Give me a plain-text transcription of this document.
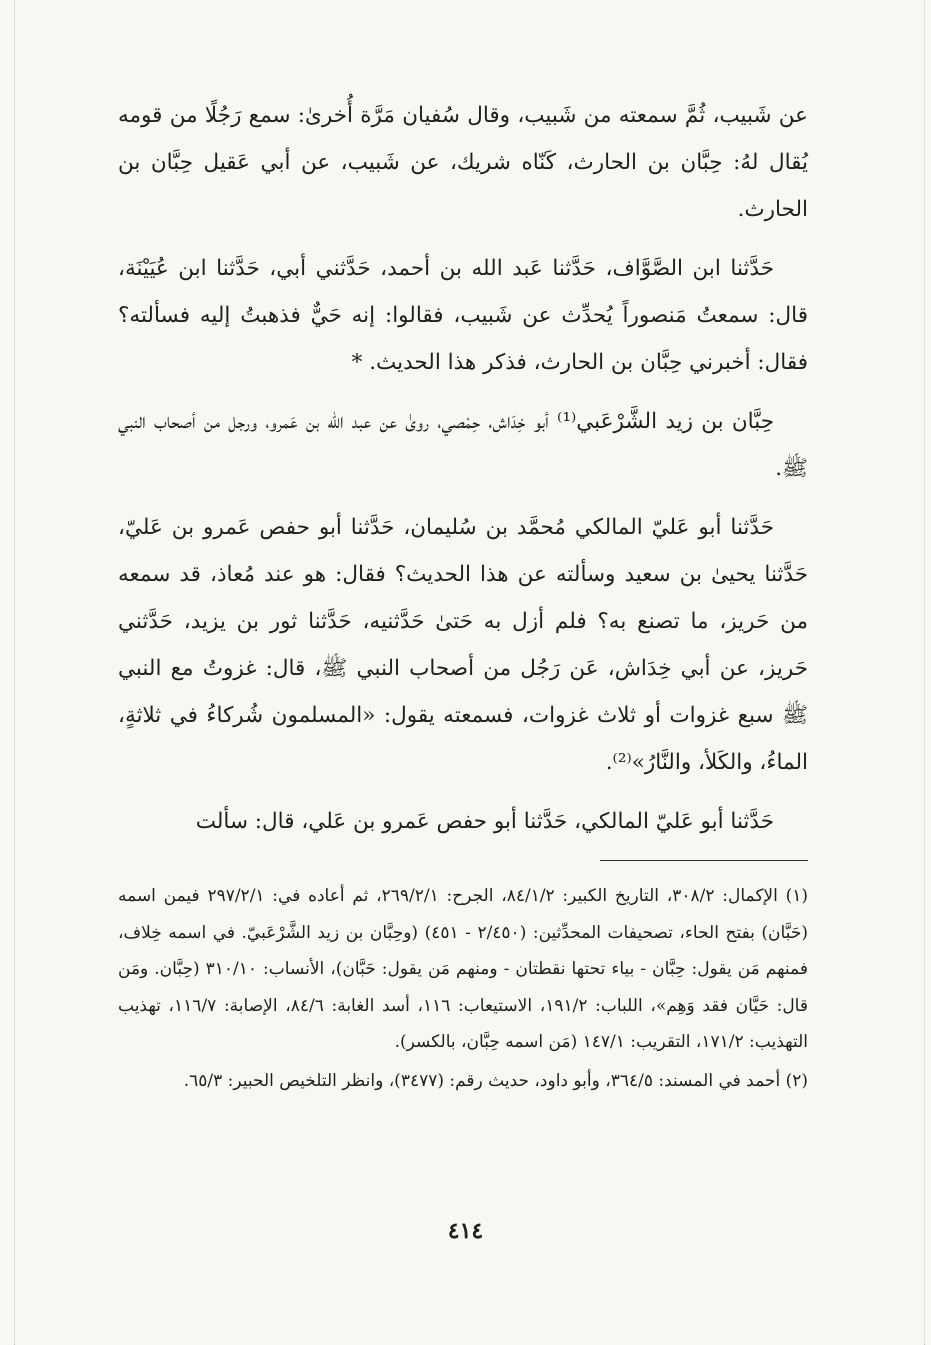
عن شَبيب، ثُمَّ سمعته من شَبيب، وقال سُفيان مَرَّة أُخرىٰ: سمع رَجُلًا من قومه يُقال لهُ: حِبَّان بن الحارث، كَنّاه شريك، عن شَبيب، عن أبي عَقيل حِبَّان بن الحارث.

حَدَّثنا ابن الصَّوَّاف، حَدَّثنا عَبد الله بن أحمد، حَدَّثني أبي، حَدَّثنا ابن عُيَيْنَة، قال: سمعتُ مَنصوراً يُحدِّث عن شَبيب، فقالوا: إنه حَيٌّ فذهبتُ إليه فسألته؟ فقال: أخبرني حِبَّان بن الحارث، فذكر هذا الحديث. *

حِبَّان بن زيد الشَّرْعَبي⁽¹⁾ أبو خِدَاش، حِمْصي، روىٰ عن عبد الله بن عَمرو، ورجل من أصحاب النبي ﷺ.

حَدَّثنا أبو عَليّ المالكي مُحمَّد بن سُليمان، حَدَّثنا أبو حفص عَمرو بن عَليّ، حَدَّثنا يحيىٰ بن سعيد وسألته عن هذا الحديث؟ فقال: هو عند مُعاذ، قد سمعه من حَريز، ما تصنع به؟ فلم أزل به حَتىٰ حَدَّثنيه، حَدَّثنا ثور بن يزيد، حَدَّثني حَريز، عن أبي خِدَاش، عَن رَجُل من أصحاب النبي ﷺ، قال: غزوتُ مع النبي ﷺ سبع غزوات أو ثلاث غزوات، فسمعته يقول: «المسلمون شُركاءُ في ثلاثةٍ، الماءُ، والكَلأ، والنَّارُ»⁽²⁾.

حَدَّثنا أبو عَليّ المالكي، حَدَّثنا أبو حفص عَمرو بن عَلي، قال: سألت

(١) الإكمال: ٣٠٨/٢، التاريخ الكبير: ٨٤/١/٢، الجرح: ٢٦٩/٢/١، ثم أعاده في: ٢٩٧/٢/١ فيمن اسمه (حَبَّان) بفتح الحاء، تصحيفات المحدِّثين: (٢/٤٥٠ - ٤٥١) (وحِبَّان بن زيد الشَّرْعَبيّ. في اسمه خِلاف، فمنهم مَن يقول: حِبَّان - بياء تحتها نقطتان - ومنهم مَن يقول: حَبَّان)، الأنساب: ٣١٠/١٠ (حِبَّان. ومَن قال: حَيَّان فقد وَهِم»، اللباب: ١٩١/٢، الاستيعاب: ١١٦، أسد الغابة: ٨٤/٦، الإصابة: ١١٦/٧، تهذيب التهذيب: ١٧١/٢، التقريب: ١٤٧/١ (مَن اسمه حِبَّان، بالكسر).

(٢) أحمد في المسند: ٣٦٤/٥، وأبو داود، حديث رقم: (٣٤٧٧)، وانظر التلخيص الحبير: ٦٥/٣.

٤١٤
